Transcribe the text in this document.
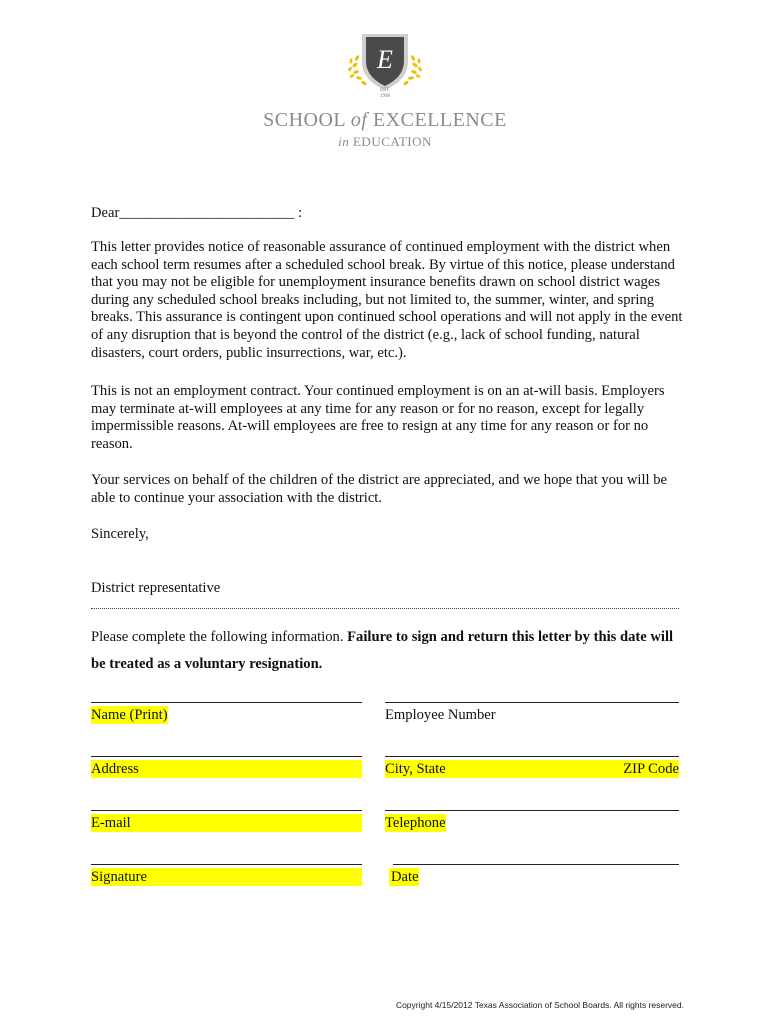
E
EST.
1998
SCHOOL of EXCELLENCE
in EDUCATION
Dear________________________ :
This letter provides notice of reasonable assurance of continued employment with the district when each school term resumes after a scheduled school break. By virtue of this notice, please understand that you may not be eligible for unemployment insurance benefits drawn on school district wages during any scheduled school breaks including, but not limited to, the summer, winter, and spring breaks. This assurance is contingent upon continued school operations and will not apply in the event of any disruption that is beyond the control of the district (e.g., lack of school funding, natural disasters, court orders, public insurrections, war, etc.).
This is not an employment contract. Your continued employment is on an at-will basis. Employers may terminate at-will employees at any time for any reason or for no reason, except for legally impermissible reasons. At-will employees are free to resign at any time for any reason or for no reason.
Your services on behalf of the children of the district are appreciated, and we hope that you will be able to continue your association with the district.
Sincerely,
District representative
Please complete the following information. Failure to sign and return this letter by this date will be treated as a voluntary resignation.
Name (Print)	Employee Number
Address	City, State	ZIP Code
E-mail	Telephone
Signature	Date
Copyright 4/15/2012 Texas Association of School Boards. All rights reserved.
